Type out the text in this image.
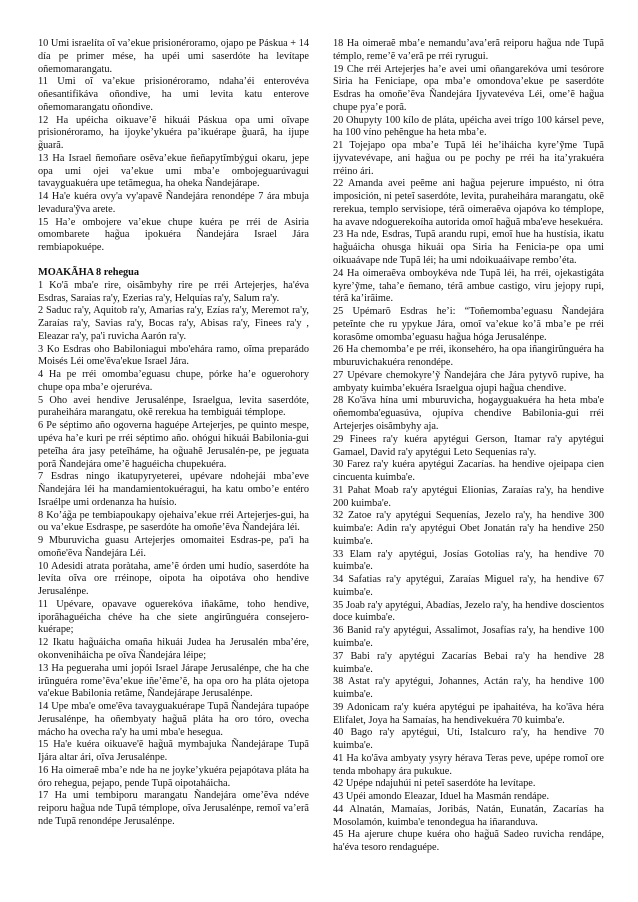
10 Umi israelíta oĩ va’ekue prisionéroramo, ojapo pe Páskua + 14 día pe primer mése, ha upéi umi saserdóte ha levítape oñemomarangatu.

11 Umi oĩ va’ekue prisionéroramo, ndaha’éi enterovéva oñesantifikáva oñondive, ha umi levita katu enterove oñemomarangatu oñondive.

12 Ha upéicha oikuave’ẽ hikuái Páskua opa umi oĩvape prisionéroramo, ha ijoyke’ykuéra pa’ikuérape g̃uarã, ha ijupe g̃uarã.

13 Ha Israel ñemoñare osẽva’ekue ñeñapytĩmbýgui okaru, jepe opa umi ojei va’ekue umi mba’e ombojeguarúvagui tavayguakuéra upe tetãmegua, ha oheka Ñandejárape.

14 Ha'e kuéra ovy'a vy'apavẽ Ñandejára renondépe 7 ára mbuja levadura'ỹva arete.

15 Ha’e ombojere va’ekue chupe kuéra pe rréi de Asiria omombarete hag̃ua ipokuéra Ñandejára Israel Jára rembiapokuépe.

MOAKÃHA 8 rehegua

1 Ko'ã mba'e rire, oisãmbyhy rire pe rréi Artejerjes, ha'éva Esdras, Saraias ra'y, Ezerias ra'y, Helquías ra'y, Salum ra'y.

2 Saduc ra'y, Aquitob ra'y, Amarias ra'y, Ezías ra'y, Meremot ra'y, Zaraías ra'y, Savias ra'y, Bocas ra'y, Abisas ra'y, Finees ra'y , Eleazar ra'y, pa'i ruvicha Aarón ra'y.

3 Ko Esdras oho Babiloniagui mbo'ehára ramo, oĩma preparádo Moisés Léi ome'ẽva'ekue Israel Jára.

4 Ha pe rréi omomba’eguasu chupe, pórke ha’e oguerohory chupe opa mba’e ojeruréva.

5 Oho avei hendive Jerusalénpe, Israelgua, levita saserdóte, puraheihára marangatu, okẽ rerekua ha tembiguái témplope.

6 Pe séptimo año ogoverna haguépe Artejerjes, pe quinto mespe, upéva ha’e kuri pe rréi séptimo año. ohógui hikuái Babilonia-gui peteĩha ára jasy peteĩháme, ha og̃uahẽ Jerusalén-pe, pe jeguata porã Ñandejára ome’ẽ haguéicha chupekuéra.

7 Esdras ningo ikatupyryeterei, upévare ndohejái mba’eve Ñandejára léi ha mandamientokuéragui, ha katu ombo’e entéro Israélpe umi ordenanza ha huísio.

8 Ko’ág̃a pe tembiapoukapy ojehaiva’ekue rréi Artejerjes-gui, ha ou va’ekue Esdraspe, pe saserdóte ha omoñe’ẽva Ñandejára léi.

9 Mburuvicha guasu Artejerjes omomaitei Esdras-pe, pa'i ha omoñe'ẽva Ñandejára Léi.

10 Adesidi atrata poràtaha, ame’ẽ órden umi hudío, saserdóte ha levíta oĩva ore rréinope, oipota ha oipotáva oho hendive Jerusalénpe.

11 Upévare, opavave oguerekóva iñakãme, toho hendive, iporãhaguéicha chéve ha che siete angirũnguéra consejero-kuérape;

12 Ikatu hag̃uáicha omaña hikuái Judea ha Jerusalén mba’ére, okonveniháicha pe oĩva Ñandejára léipe;

13 Ha pegueraha umi jopói Israel Járape Jerusalénpe, che ha che irũnguéra rome’ẽva’ekue iñe’ẽme’ẽ, ha opa oro ha pláta ojetopa va'ekue Babilonia retãme, Ñandejárape Jerusalénpe.

14 Upe mba'e ome'ẽva tavayguakuérape Tupã Ñandejára tupaópe Jerusalénpe, ha oñembyaty hag̃uã pláta ha oro tóro, ovecha mácho ha ovecha ra'y ha umi mba'e hesegua.

15 Ha'e kuéra oikuave'ẽ hag̃uã mymbajuka Ñandejárape Tupã Ijára altar ári, oĩva Jerusalénpe.

16 Ha oimeraẽ mba’e nde ha ne joyke’ykuéra pejapótava pláta ha óro rehegua, pejapo, pende Tupã oipotaháicha.

17 Ha umi tembiporu marangatu Ñandejára ome’ẽva ndéve reiporu hag̃ua nde Tupã témplope, oĩva Jerusalénpe, remoĩ va’erã nde Tupã renondépe Jerusalénpe.

18 Ha oimeraẽ mba’e nemandu’ava’erã reiporu hag̃ua nde Tupã témplo, reme’ẽ va’erã pe rréi ryrugui.

19 Che rréi Artejerjes ha’e avei umi oñangarekóva umi tesórore Siria ha Feniciape, opa mba’e omondova’ekue pe saserdóte Esdras ha omoñe’ẽva Ñandejára Ijyvatevéva Léi, ome’ẽ hag̃ua chupe pya’e porã.

20 Ohupyty 100 kílo de pláta, upéicha avei trígo 100 kársel peve, ha 100 víno pehẽngue ha heta mba’e.

21 Tojejapo opa mba’e Tupã léi he’iháicha kyre’ỹme Tupã ijyvatevévape, ani hag̃ua ou pe pochy pe rréi ha ita’yrakuéra rréino ári.

22 Amanda avei peẽme ani hag̃ua pejerure impuésto, ni ótra imposición, ni peteĩ saserdóte, levita, puraheihára marangatu, okẽ rerekua, templo servisiope, térã oimeraẽva ojapóva ko témplope, ha avave ndoguerekoíha autorida omoĩ hag̃uã mba'eve hesekuéra.

23 Ha nde, Esdras, Tupã arandu rupi, emoĩ hue ha hustísia, ikatu hag̃uáicha ohusga hikuái opa Siria ha Fenicia-pe opa umi oikuaávape nde Tupã léi; ha umi ndoikuaáivape rembo’éta.

24 Ha oimeraẽva omboykéva nde Tupã léi, ha rréi, ojekastigáta kyre’ỹme, taha’e ñemano, térã ambue castigo, viru jejopy rupi, térã ka’irãime.

25 Upémarõ Esdras he’i: “Toñemomba’eguasu Ñandejára peteĩnte che ru ypykue Jára, omoĩ va’ekue ko’ã mba’e pe rréi korasõme omomba’eguasu hag̃ua hóga Jerusalénpe.

26 Ha chemomba’e pe rréi, ikonsehéro, ha opa iñangirũnguéra ha mburuvichakuéra renondépe.

27 Upévare chemokyre’ỹ Ñandejára che Jára pytyvõ rupive, ha ambyaty kuimba’ekuéra Israelgua ojupi hag̃ua chendive.

28 Ko'ãva hína umi mburuvicha, hogayguakuéra ha heta mba'e oñemomba'eguasúva, ojupíva chendive Babilonia-gui rréi Artejerjes oisãmbyhy aja.

29 Finees ra'y kuéra apytégui Gerson, Itamar ra'y apytégui Gamael, David ra'y apytégui Leto Sequenias ra'y.

30 Farez ra'y kuéra apytégui Zacarías. ha hendive ojeipapa cien cincuenta kuimba'e.

31 Pahat Moab ra'y apytégui Elionias, Zaraías ra'y, ha hendive 200 kuimba'e.

32 Zatoe ra'y apytégui Sequenías, Jezelo ra'y, ha hendive 300 kuimba'e: Adin ra'y apytégui Obet Jonatán ra'y ha hendive 250 kuimba'e.

33 Elam ra'y apytégui, Josías Gotolias ra'y, ha hendive 70 kuimba'e.

34 Safatias ra'y apytégui, Zaraías Miguel ra'y, ha hendive 67 kuimba'e.

35 Joab ra'y apytégui, Abadías, Jezelo ra'y, ha hendive doscientos doce kuimba'e.

36 Banid ra'y apytégui, Assalimot, Josafías ra'y, ha hendive 100 kuimba'e.

37 Babi ra'y apytégui Zacarías Bebai ra'y ha hendive 28 kuimba'e.

38 Astat ra'y apytégui, Johannes, Actán ra'y, ha hendive 100 kuimba'e.

39 Adonicam ra'y kuéra apytégui pe ipahaitéva, ha ko'ãva héra Elifalet, Joya ha Samaías, ha hendivekuéra 70 kuimba'e.

40 Bago ra'y apytégui, Uti, Istalcuro ra'y, ha hendive 70 kuimba'e.

41 Ha ko'ãva ambyaty ysyry hérava Teras peve, upépe romoĩ ore tenda mbohapy ára pukukue.

42 Upépe ndajuhúi ni peteĩ saserdóte ha levítape.

43 Upéi amondo Eleazar, Iduel ha Masmán rendápe.

44 Alnatán, Mamaías, Joribás, Natán, Eunatán, Zacarías ha Mosolamón, kuimba'e tenondegua ha iñaranduva.

45 Ha ajerure chupe kuéra oho hag̃uã Sadeo ruvicha rendápe, ha'éva tesoro rendaguépe.
